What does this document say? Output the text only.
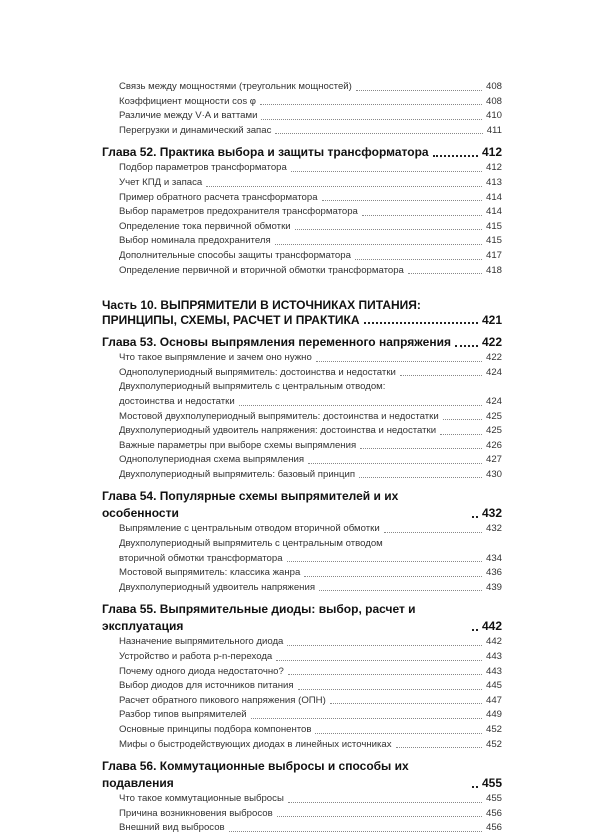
Связь между мощностями (треугольник мощностей)	408
Коэффициент мощности cos φ	408
Различие между V·A и ваттами	410
Перегрузки и динамический запас	411
Глава 52. Практика выбора и защиты трансформатора	412
Подбор параметров трансформатора	412
Учет КПД и запаса	413
Пример обратного расчета трансформатора	414
Выбор параметров предохранителя трансформатора	414
Определение тока первичной обмотки	415
Выбор номинала предохранителя	415
Дополнительные способы защиты трансформатора	417
Определение первичной и вторичной обмотки трансформатора	418
Часть 10. ВЫПРЯМИТЕЛИ В ИСТОЧНИКАХ ПИТАНИЯ:
ПРИНЦИПЫ, СХЕМЫ, РАСЧЕТ И ПРАКТИКА	421
Глава 53. Основы выпрямления переменного напряжения	422
Что такое выпрямление и зачем оно нужно	422
Однополупериодный выпрямитель: достоинства и недостатки	424
Двухполупериодный выпрямитель с центральным отводом:
достоинства и недостатки	424
Мостовой двухполупериодный выпрямитель: достоинства и недостатки	425
Двухполупериодный удвоитель напряжения: достоинства и недостатки	425
Важные параметры при выборе схемы выпрямления	426
Однополупериодная схема выпрямления	427
Двухполупериодный выпрямитель: базовый принцип	430
Глава 54. Популярные схемы выпрямителей и их особенности	432
Выпрямление с центральным отводом вторичной обмотки	432
Двухполупериодный выпрямитель с центральным отводом
вторичной обмотки трансформатора	434
Мостовой выпрямитель: классика жанра	436
Двухполупериодный удвоитель напряжения	439
Глава 55. Выпрямительные диоды: выбор, расчет и эксплуатация	442
Назначение выпрямительного диода	442
Устройство и работа p-n-перехода	443
Почему одного диода недостаточно?	443
Выбор диодов для источников питания	445
Расчет обратного пикового напряжения (ОПН)	447
Разбор типов выпрямителей	449
Основные принципы подбора компонентов	452
Мифы о быстродействующих диодах в линейных источниках	452
Глава 56. Коммутационные выбросы и способы их подавления	455
Что такое коммутационные выбросы	455
Причина возникновения выбросов	456
Внешний вид выбросов	456
